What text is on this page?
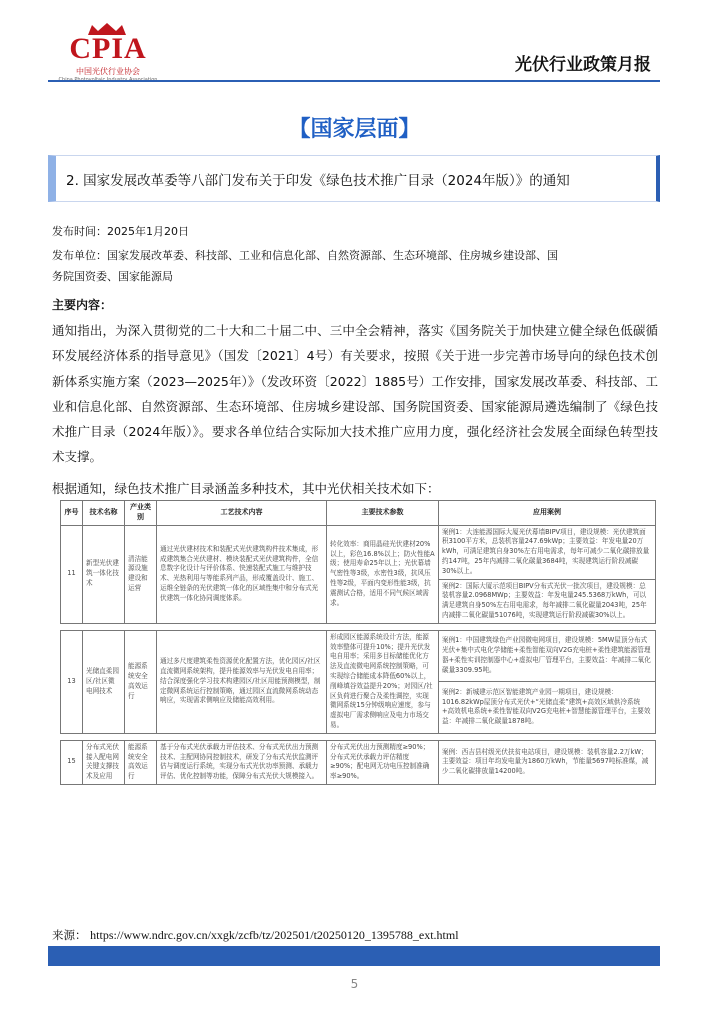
CPIA
中国光伏行业协会	光伏行业政策月报
【国家层面】
2. 国家发展改革委等八部门发布关于印发《绿色技术推广目录（2024年版）》的通知
发布时间：2025年1月20日
发布单位：国家发展改革委、科技部、工业和信息化部、自然资源部、生态环境部、住房城乡建设部、国
务院国资委、国家能源局
主要内容：
通知指出，为深入贯彻党的二十大和二十届二中、三中全会精神，落实《国务院关于加快建立健全绿色低碳循环发展经济体系的指导意见》（国发〔2021〕4号）有关要求，按照《关于进一步完善市场导向的绿色技术创新体系实施方案（2023—2025年）》（发改环资〔2022〕1885号）工作安排，国家发展改革委、科技部、工业和信息化部、自然资源部、生态环境部、住房城乡建设部、国务院国资委、国家能源局遴选编制了《绿色技术推广目录（2024年版）》。要求各单位结合实际加大技术推广应用力度，强化经济社会发展全面绿色转型技术支撑。
根据通知，绿色技术推广目录涵盖多种技术，其中光伏相关技术如下：
序号	技术名称	产业类别	工艺技术内容	主要技术参数	应用案例
11	新型光伏建筑一体化技术	清洁能源设施建设和运营	通过光伏建材技术和装配式光伏建筑构件技术集成，形成建筑集合光伏建材、模块装配式光伏建筑构件，全信息数字化设计与评价体系、快速装配式施工与维护技术、光热利用与等能系列产品，形成覆盖设计、施工、运维全链条的光伏建筑一体化的区域性集中和分布式光伏建筑一体化协同调度体系。	转化效率：商用晶硅光伏建材20%以上，彩色16.8%以上；防火性能A级；使用寿命25年以上；光伏幕墙气密性等3级，水密性3级，抗风压性等2级，平面内变形性能3级，抗震测试合格，适用不同气候区域需求。	案例1：大连能源国际大厦光伏幕墙BIPV项目，建设规模：光伏建筑面积3100平方米，总装机容量247.69kWp；主要效益：年发电量20万kWh，可满足建筑自身30%左右用电需求，每年可减少二氧化碳排放量约147吨，25年内减排二氧化碳量3684吨，实现建筑运行阶段减碳30%以上。
					案例2：国际大厦示范项目BIPV分布式光伏一批次项目，建设规模：总装机容量2.0968MWp；主要效益：年发电量245.5368万kWh，可以满足建筑自身50%左右用电需求，每年减排二氧化碳量2043吨，25年内减排二氧化碳量51076吨，实现建筑运行阶段减碳30%以上。

13	光储直柔园区/社区微电网技术	能源系统安全高效运行	通过多尺度建筑柔性资源优化配置方法，优化园区/社区直流微网系统架构，提升能源效率与光伏发电自用率；结合深度强化学习技术构建园区/社区用能预测模型，制定微网系统运行控制策略，通过园区直流微网系统动态响应，实现需求侧响应及储能高效利用。	形成园区能源系统设计方法，能源效率整体可提升10%；提升光伏发电自用率；采用多目标储能优化方法及直流微电网系统控制策略，可实现综合储能成本降低60%以上，削峰填谷效益提升20%；对园区/社区负荷进行聚合及柔性调控，实现微网系统15分钟级响应速度，参与虚拟电厂需求侧响应及电力市场交易。	案例1：中国建筑绿色产业园微电网项目，建设规模：5MW屋顶分布式光伏+集中式电化学储能+柔性智能双向V2G充电桩+柔性建筑能源管理器+柔性实训控制器中心+虚拟电厂管理平台，主要效益：年减排二氧化碳量3309.95吨。
					案例2：新城建示范区智能建筑产业园一期项目，建设规模：1016.82kWp屋顶分布式光伏+“光储直柔”建筑+高效区域供冷系统+高效机电系统+柔性智能双向V2G充电桩+智慧能源管理平台，主要效益：年减排二氧化碳量1878吨。

15	分布式光伏接入配电网关键支撑技术及应用	能源系统安全高效运行	基于分布式光伏承载力评估技术、分布式光伏出力预测技术、主配网协同控制技术，研发了分布式光伏监测评估与调度运行系统，实现分布式光伏功率预测、承载力评估、优化控制等功能，保障分布式光伏大规模接入。	分布式光伏出力预测精度≥90%；分布式光伏承载力评估精度≥90%；配电网无功电压控制准确率≥90%。	案例：西吉县村级光伏扶贫电站项目，建设规模：装机容量2.2万kW；主要效益：项目年均发电量为1860万kWh，节能量5697吨标准煤，减少二氧化碳排放量14200吨。
来源： https://www.ndrc.gov.cn/xxgk/zcfb/tz/202501/t20250120_1395788_ext.html
5
